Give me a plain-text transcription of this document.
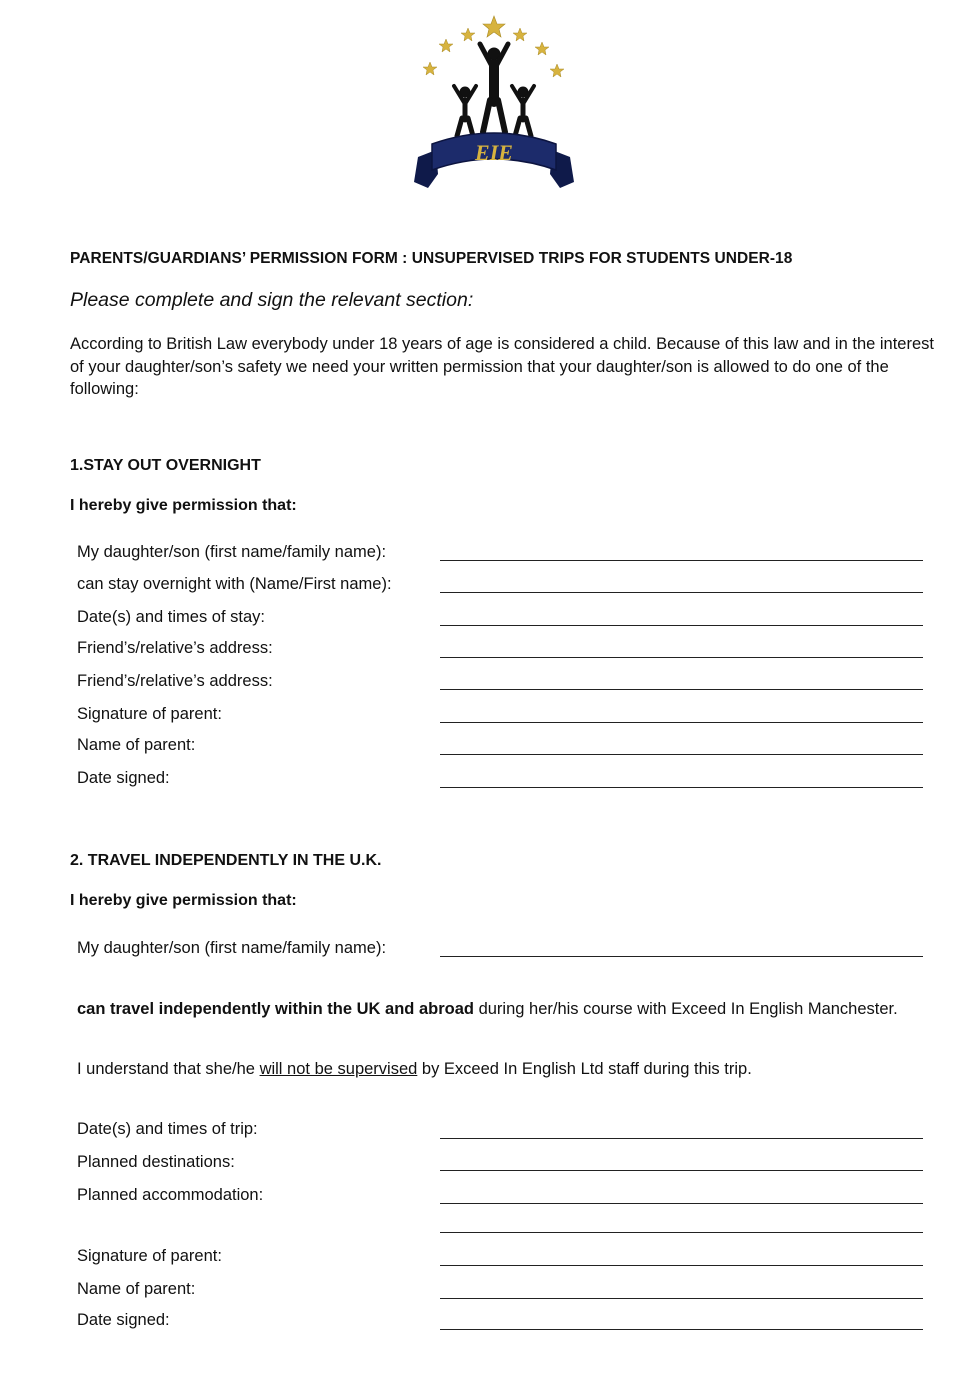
EIE
PARENTS/GUARDIANS’ PERMISSION FORM : UNSUPERVISED TRIPS FOR STUDENTS UNDER-18
Please complete and sign the relevant section:
According to British Law everybody under 18 years of age is considered a child. Because of this law and in the interest of your daughter/son’s safety we need your written permission that your daughter/son is allowed to do one of the following:
1.STAY OUT OVERNIGHT
I hereby give permission that:
My daughter/son (first name/family name):
can stay overnight with (Name/First name):
Date(s) and times of stay:
Friend’s/relative’s address:
Friend’s/relative’s address:
Signature of parent:
Name of parent:
Date signed:
2. TRAVEL INDEPENDENTLY IN THE U.K.
I hereby give permission that:
My daughter/son (first name/family name):
can travel independently within the UK and abroad during her/his course with Exceed In English Manchester.
I understand that she/he will not be supervised by Exceed In English Ltd staff during this trip.
Date(s) and times of trip:
Planned destinations:
Planned accommodation:
Signature of parent:
Name of parent:
Date signed:
